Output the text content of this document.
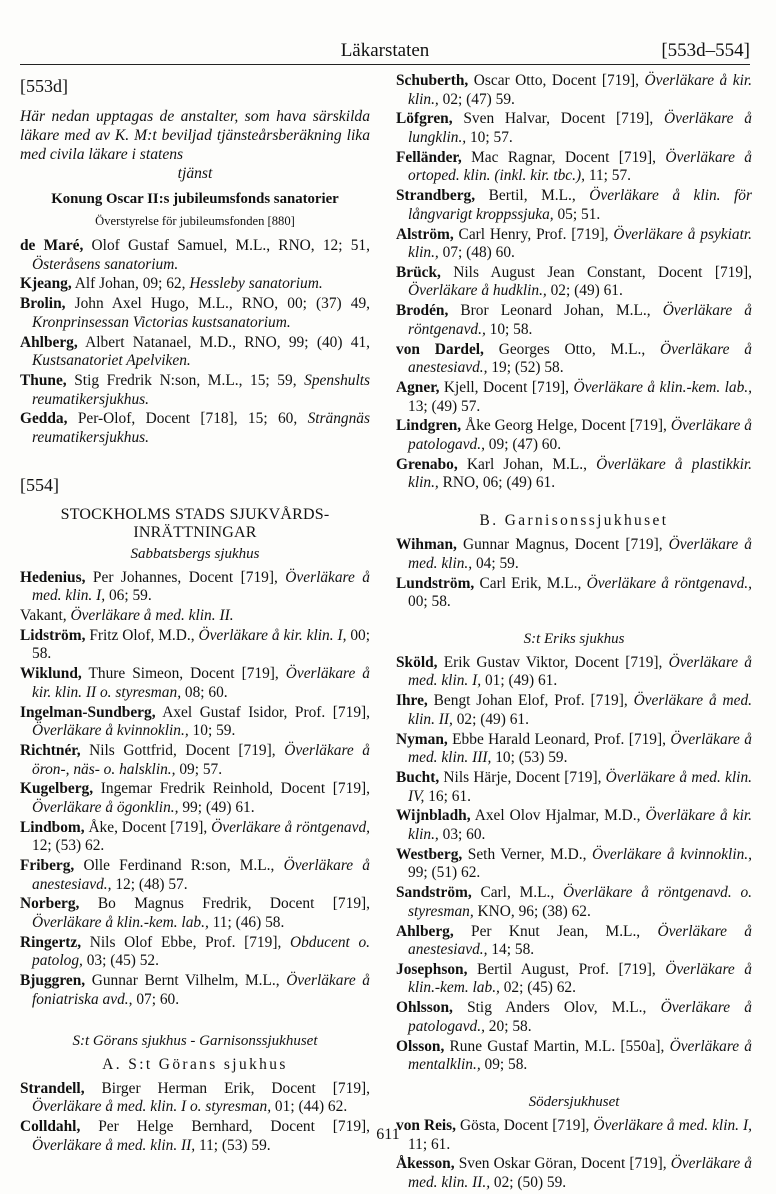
Läkarstaten	[553d–554]
[553d]
Här nedan upptagas de anstalter, som hava särskilda läkare med av K. M:t beviljad tjänsteårsberäkning lika med civila läkare i statens
tjänst
Konung Oscar II:s jubileumsfonds sanatorier
Överstyrelse för jubileumsfonden [880]
de Maré, Olof Gustaf Samuel, M.L., RNO, 12; 51, Österåsens sanatorium.
Kjeang, Alf Johan, 09; 62, Hessleby sanatorium.
Brolin, John Axel Hugo, M.L., RNO, 00; (37) 49, Kronprinsessan Victorias kustsanatorium.
Ahlberg, Albert Natanael, M.D., RNO, 99; (40) 41, Kustsanatoriet Apelviken.
Thune, Stig Fredrik N:son, M.L., 15; 59, Spenshults reumatikersjukhus.
Gedda, Per-Olof, Docent [718], 15; 60, Strängnäs reumatikersjukhus.
[554]
STOCKHOLMS STADS SJUKVÅRDS-
INRÄTTNINGAR
Sabbatsbergs sjukhus
Hedenius, Per Johannes, Docent [719], Överläkare å med. klin. I, 06; 59.
Vakant, Överläkare å med. klin. II.
Lidström, Fritz Olof, M.D., Överläkare å kir. klin. I, 00; 58.
Wiklund, Thure Simeon, Docent [719], Överläkare å kir. klin. II o. styresman, 08; 60.
Ingelman-Sundberg, Axel Gustaf Isidor, Prof. [719], Överläkare å kvinnoklin., 10; 59.
Richtnér, Nils Gottfrid, Docent [719], Överläkare å öron-, näs- o. halsklin., 09; 57.
Kugelberg, Ingemar Fredrik Reinhold, Docent [719], Överläkare å ögonklin., 99; (49) 61.
Lindbom, Åke, Docent [719], Överläkare å röntgenavd, 12; (53) 62.
Friberg, Olle Ferdinand R:son, M.L., Överläkare å anestesiavd., 12; (48) 57.
Norberg, Bo Magnus Fredrik, Docent [719], Överläkare å klin.-kem. lab., 11; (46) 58.
Ringertz, Nils Olof Ebbe, Prof. [719], Obducent o. patolog, 03; (45) 52.
Bjuggren, Gunnar Bernt Vilhelm, M.L., Överläkare å foniatriska avd., 07; 60.
S:t Görans sjukhus - Garnisonssjukhuset
A. S:t Görans sjukhus
Strandell, Birger Herman Erik, Docent [719], Överläkare å med. klin. I o. styresman, 01; (44) 62.
Colldahl, Per Helge Bernhard, Docent [719], Överläkare å med. klin. II, 11; (53) 59.
Schuberth, Oscar Otto, Docent [719], Överläkare å kir. klin., 02; (47) 59.
Löfgren, Sven Halvar, Docent [719], Överläkare å lungklin., 10; 57.
Felländer, Mac Ragnar, Docent [719], Överläkare å ortoped. klin. (inkl. kir. tbc.), 11; 57.
Strandberg, Bertil, M.L., Överläkare å klin. för långvarigt kroppssjuka, 05; 51.
Alström, Carl Henry, Prof. [719], Överläkare å psykiatr. klin., 07; (48) 60.
Brück, Nils August Jean Constant, Docent [719], Överläkare å hudklin., 02; (49) 61.
Brodén, Bror Leonard Johan, M.L., Överläkare å röntgenavd., 10; 58.
von Dardel, Georges Otto, M.L., Överläkare å anestesiavd., 19; (52) 58.
Agner, Kjell, Docent [719], Överläkare å klin.-kem. lab., 13; (49) 57.
Lindgren, Åke Georg Helge, Docent [719], Överläkare å patologavd., 09; (47) 60.
Grenabo, Karl Johan, M.L., Överläkare å plastikkir. klin., RNO, 06; (49) 61.
B. Garnisonssjukhuset
Wihman, Gunnar Magnus, Docent [719], Överläkare å med. klin., 04; 59.
Lundström, Carl Erik, M.L., Överläkare å röntgenavd., 00; 58.
S:t Eriks sjukhus
Sköld, Erik Gustav Viktor, Docent [719], Överläkare å med. klin. I, 01; (49) 61.
Ihre, Bengt Johan Elof, Prof. [719], Överläkare å med. klin. II, 02; (49) 61.
Nyman, Ebbe Harald Leonard, Prof. [719], Överläkare å med. klin. III, 10; (53) 59.
Bucht, Nils Härje, Docent [719], Överläkare å med. klin. IV, 16; 61.
Wijnbladh, Axel Olov Hjalmar, M.D., Överläkare å kir. klin., 03; 60.
Westberg, Seth Verner, M.D., Överläkare å kvinnoklin., 99; (51) 62.
Sandström, Carl, M.L., Överläkare å röntgenavd. o. styresman, KNO, 96; (38) 62.
Ahlberg, Per Knut Jean, M.L., Överläkare å anestesiavd., 14; 58.
Josephson, Bertil August, Prof. [719], Överläkare å klin.-kem. lab., 02; (45) 62.
Ohlsson, Stig Anders Olov, M.L., Överläkare å patologavd., 20; 58.
Olsson, Rune Gustaf Martin, M.L. [550a], Överläkare å mentalklin., 09; 58.
Södersjukhuset
von Reis, Gösta, Docent [719], Överläkare å med. klin. I, 11; 61.
Åkesson, Sven Oskar Göran, Docent [719], Överläkare å med. klin. II., 02; (50) 59.
611
